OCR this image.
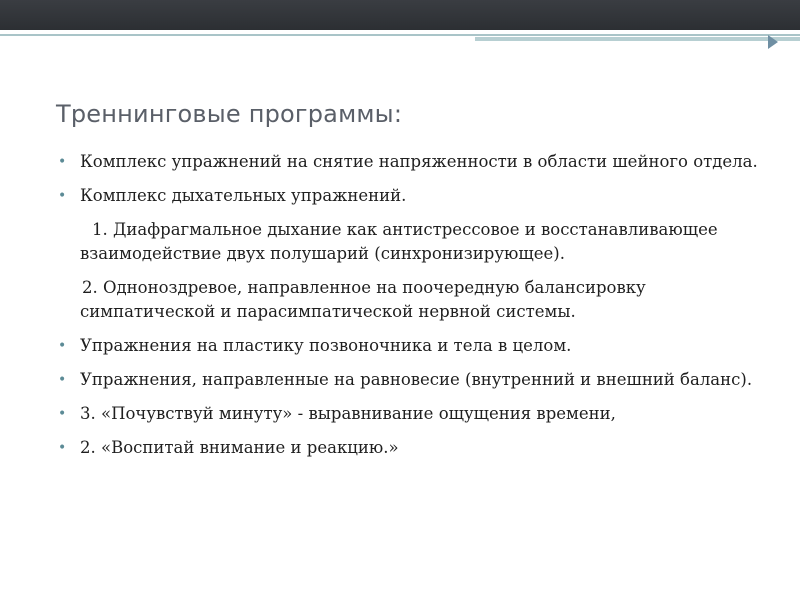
Треннинговые программы:
• Комплекс упражнений на снятие напряженности в области шейного отдела.
• Комплекс дыхательных упражнений.
1. Диафрагмальное дыхание как антистрессовое и восстанавливающее взаимодействие двух полушарий (синхронизирующее).
2. Одноноздревое, направленное на поочередную балансировку симпатической и парасимпатической нервной системы.
• Упражнения на пластику позвоночника и тела в целом.
• Упражнения, направленные на равновесие (внутренний и внешний баланс).
• 3. «Почувствуй минуту» - выравнивание ощущения времени,
• 2. «Воспитай внимание и реакцию.»
